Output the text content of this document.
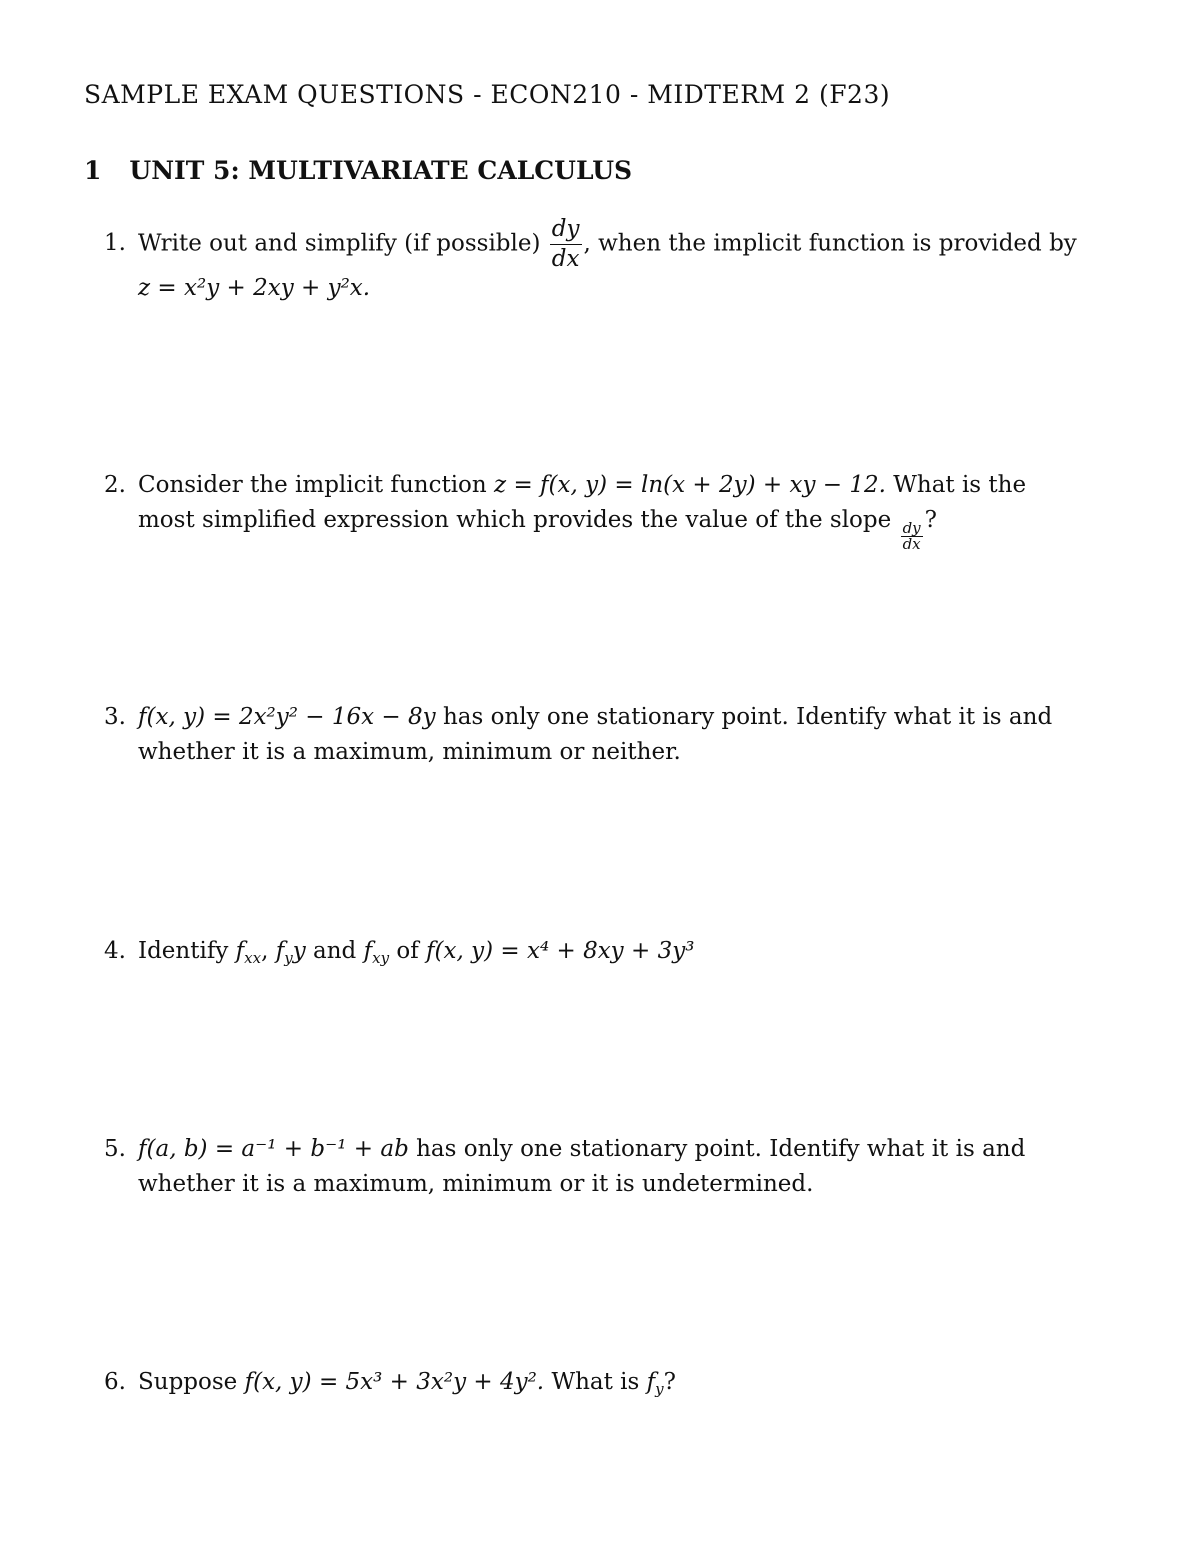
SAMPLE EXAM QUESTIONS - ECON210 - MIDTERM 2 (F23)
1 UNIT 5: MULTIVARIATE CALCULUS
1. Write out and simplify (if possible) $\frac{dy}{dx}$ , when the implicit function is provided by
z = x²y + 2xy + y²x.
2. Consider the implicit function z = f(x, y) = ln(x + 2y) + xy − 12. What is the
most simplified expression which provides the value of the slope
$\frac{dy}{dx}$
?
3. f(x, y) = 2x²y² − 16x − 8y has only one stationary point. Identify what it is and
whether it is a maximum, minimum or neither.
4. Identify $f_{xx}$, $f_yy$ and $f_{xy}$ of f(x, y) = x⁴ + 8xy + 3y³
5. f(a, b) = a⁻¹ + b⁻¹ + ab has only one stationary point. Identify what it is and
whether it is a maximum, minimum or it is undetermined.
6. Suppose f(x, y) = 5x³ + 3x²y + 4y². What is $f_y$?
